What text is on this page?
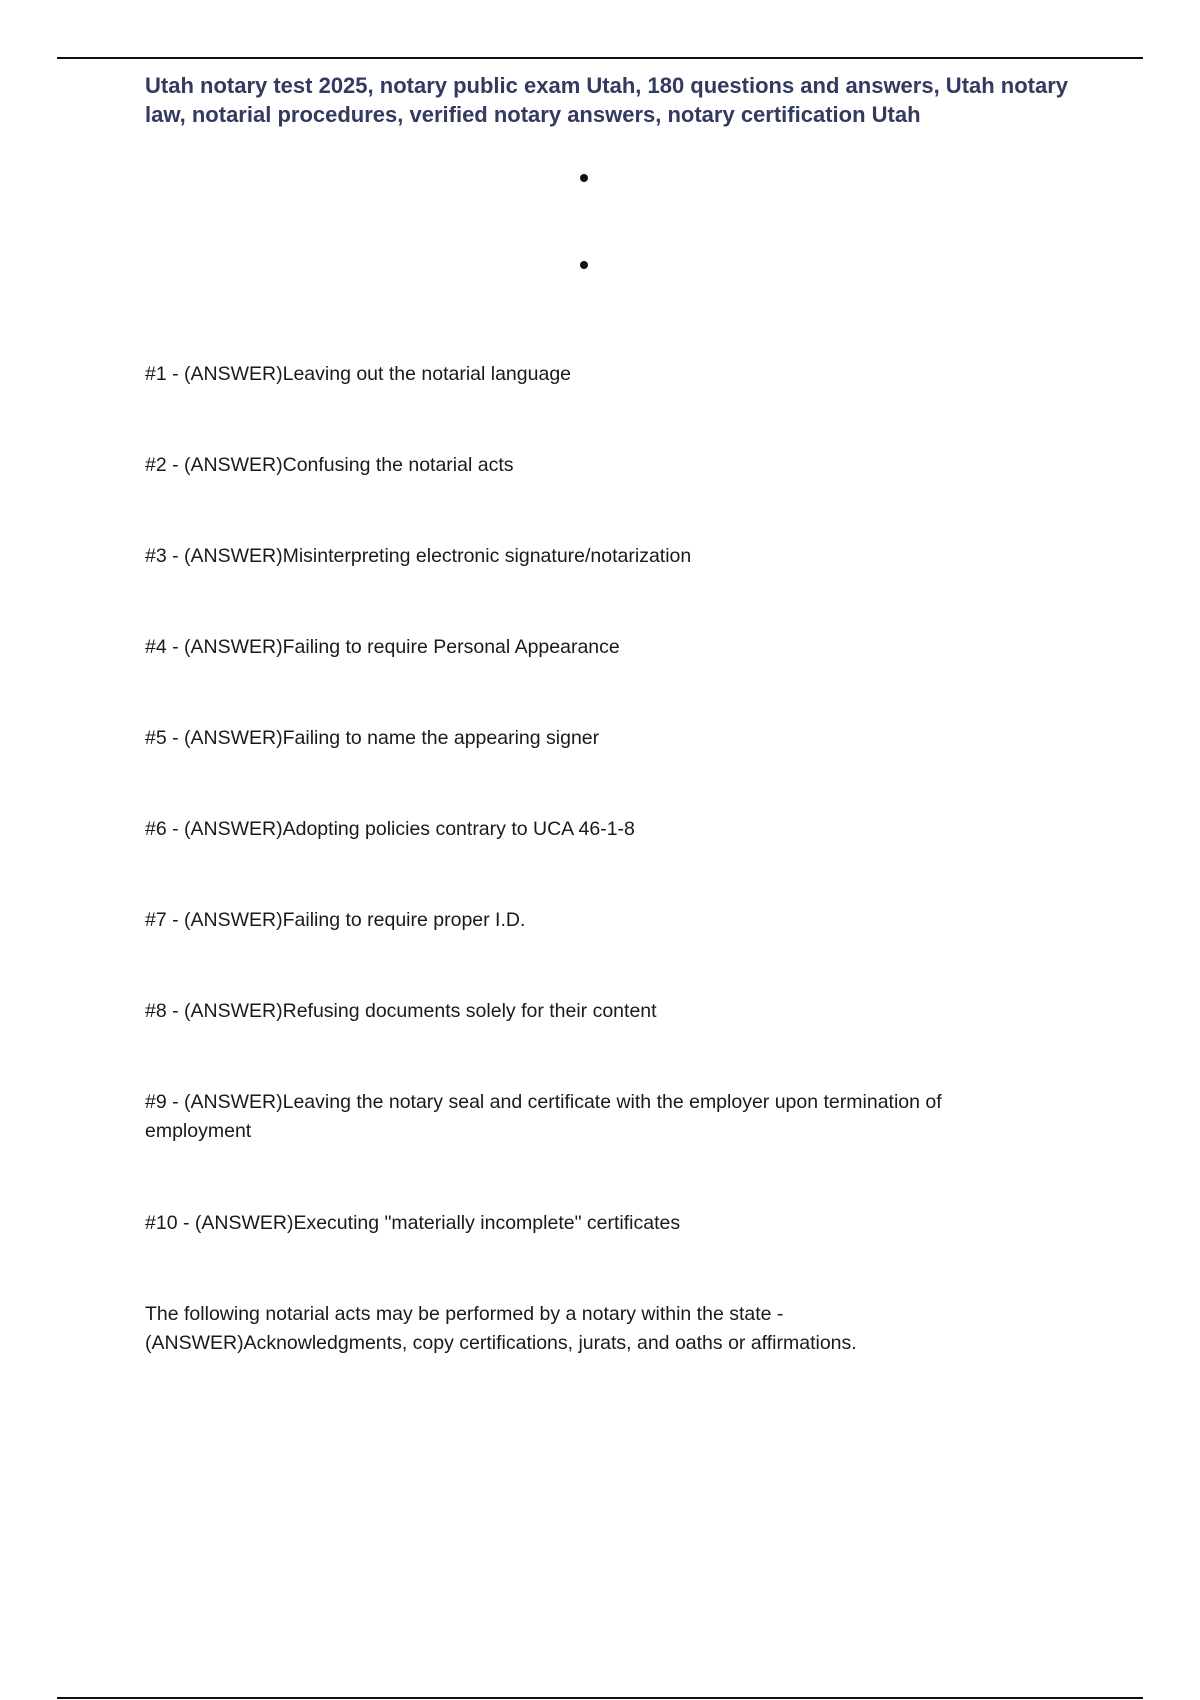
Utah notary test 2025, notary public exam Utah, 180 questions and answers, Utah notary law, notarial procedures, verified notary answers, notary certification Utah

#1 - (ANSWER)Leaving out the notarial language

#2 - (ANSWER)Confusing the notarial acts

#3 - (ANSWER)Misinterpreting electronic signature/notarization

#4 - (ANSWER)Failing to require Personal Appearance

#5 - (ANSWER)Failing to name the appearing signer

#6 - (ANSWER)Adopting policies contrary to UCA 46-1-8

#7 - (ANSWER)Failing to require proper I.D.

#8 - (ANSWER)Refusing documents solely for their content

#9 - (ANSWER)Leaving the notary seal and certificate with the employer upon termination of employment

#10 - (ANSWER)Executing "materially incomplete" certificates

The following notarial acts may be performed by a notary within the state - (ANSWER)Acknowledgments, copy certifications, jurats, and oaths or affirmations.
